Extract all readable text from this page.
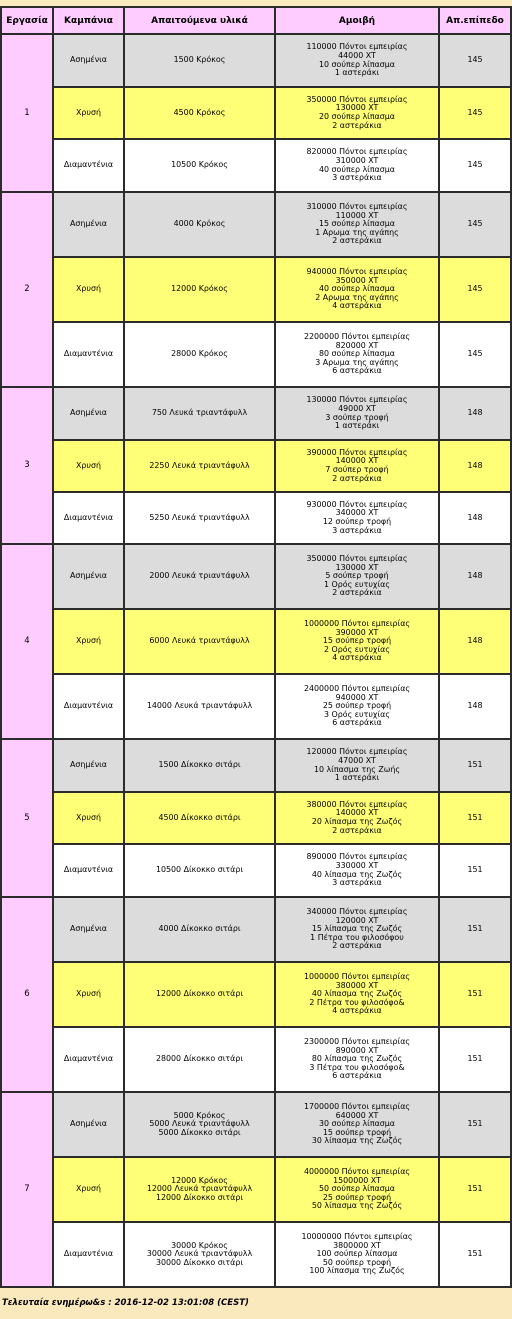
Εργασία	Καμπάνια	Απαιτούμενα υλικά	Αμοιβή	Απ.επίπεδο
1	Ασημένια	1500 Κρόκος	110000 Πόντοι εμπειρίας
44000 XT
10 σούπερ λίπασμα
1 αστεράκι	145
	Χρυσή	4500 Κρόκος	350000 Πόντοι εμπειρίας
130000 XT
20 σούπερ λίπασμα
2 αστεράκια	145
	Διαμαντένια	10500 Κρόκος	820000 Πόντοι εμπειρίας
310000 XT
40 σούπερ λίπασμα
3 αστεράκια	145
2	Ασημένια	4000 Κρόκος	310000 Πόντοι εμπειρίας
110000 XT
15 σούπερ λίπασμα
1 Αρωμα της αγάπης
2 αστεράκια	145
	Χρυσή	12000 Κρόκος	940000 Πόντοι εμπειρίας
350000 XT
40 σούπερ λίπασμα
2 Αρωμα της αγάπης
4 αστεράκια	145
	Διαμαντένια	28000 Κρόκος	2200000 Πόντοι εμπειρίας
820000 XT
80 σούπερ λίπασμα
3 Αρωμα της αγάπης
6 αστεράκια	145
3	Ασημένια	750 Λευκά τριαντάφυλλ	130000 Πόντοι εμπειρίας
49000 XT
3 σούπερ τροφή
1 αστεράκι	148
	Χρυσή	2250 Λευκά τριαντάφυλλ	390000 Πόντοι εμπειρίας
140000 XT
7 σούπερ τροφή
2 αστεράκια	148
	Διαμαντένια	5250 Λευκά τριαντάφυλλ	930000 Πόντοι εμπειρίας
340000 XT
12 σούπερ τροφή
3 αστεράκια	148
4	Ασημένια	2000 Λευκά τριαντάφυλλ	350000 Πόντοι εμπειρίας
130000 XT
5 σούπερ τροφή
1 Ορός ευτυχίας
2 αστεράκια	148
	Χρυσή	6000 Λευκά τριαντάφυλλ	1000000 Πόντοι εμπειρίας
390000 XT
15 σούπερ τροφή
2 Ορός ευτυχίας
4 αστεράκια	148
	Διαμαντένια	14000 Λευκά τριαντάφυλλ	2400000 Πόντοι εμπειρίας
940000 XT
25 σούπερ τροφή
3 Ορός ευτυχίας
6 αστεράκια	148
5	Ασημένια	1500 Δίκοκκο σιτάρι	120000 Πόντοι εμπειρίας
47000 XT
10 λίπασμα της Ζωής
1 αστεράκι	151
	Χρυσή	4500 Δίκοκκο σιτάρι	380000 Πόντοι εμπειρίας
140000 XT
20 λίπασμα της Ζωζός
2 αστεράκια	151
	Διαμαντένια	10500 Δίκοκκο σιτάρι	890000 Πόντοι εμπειρίας
330000 XT
40 λίπασμα της Ζωζός
3 αστεράκια	151
6	Ασημένια	4000 Δίκοκκο σιτάρι	340000 Πόντοι εμπειρίας
120000 XT
15 λίπασμα της Ζωζός
1 Πέτρα του φιλοσόφου
2 αστεράκια	151
	Χρυσή	12000 Δίκοκκο σιτάρι	1000000 Πόντοι εμπειρίας
380000 XT
40 λίπασμα της Ζωζός
2 Πέτρα του φιλοσόφο&
4 αστεράκια	151
	Διαμαντένια	28000 Δίκοκκο σιτάρι	2300000 Πόντοι εμπειρίας
890000 XT
80 λίπασμα της Ζωζός
3 Πέτρα του φιλοσόφο&
6 αστεράκια	151
7	Ασημένια	5000 Κρόκος
5000 Λευκά τριαντάφυλλ
5000 Δίκοκκο σιτάρι	1700000 Πόντοι εμπειρίας
640000 XT
30 σούπερ λίπασμα
15 σούπερ τροφή
30 λίπασμα της Ζωζός	151
	Χρυσή	12000 Κρόκος
12000 Λευκά τριαντάφυλλ
12000 Δίκοκκο σιτάρι	4000000 Πόντοι εμπειρίας
1500000 XT
50 σούπερ λίπασμα
25 σούπερ τροφή
50 λίπασμα της Ζωζός	151
	Διαμαντένια	30000 Κρόκος
30000 Λευκά τριαντάφυλλ
30000 Δίκοκκο σιτάρι	10000000 Πόντοι εμπειρίας
3800000 XT
100 σούπερ λίπασμα
50 σούπερ τροφή
100 λίπασμα της Ζωζός	151
Τελευταία ενημέρω&s : 2016-12-02 13:01:08 (CEST)
